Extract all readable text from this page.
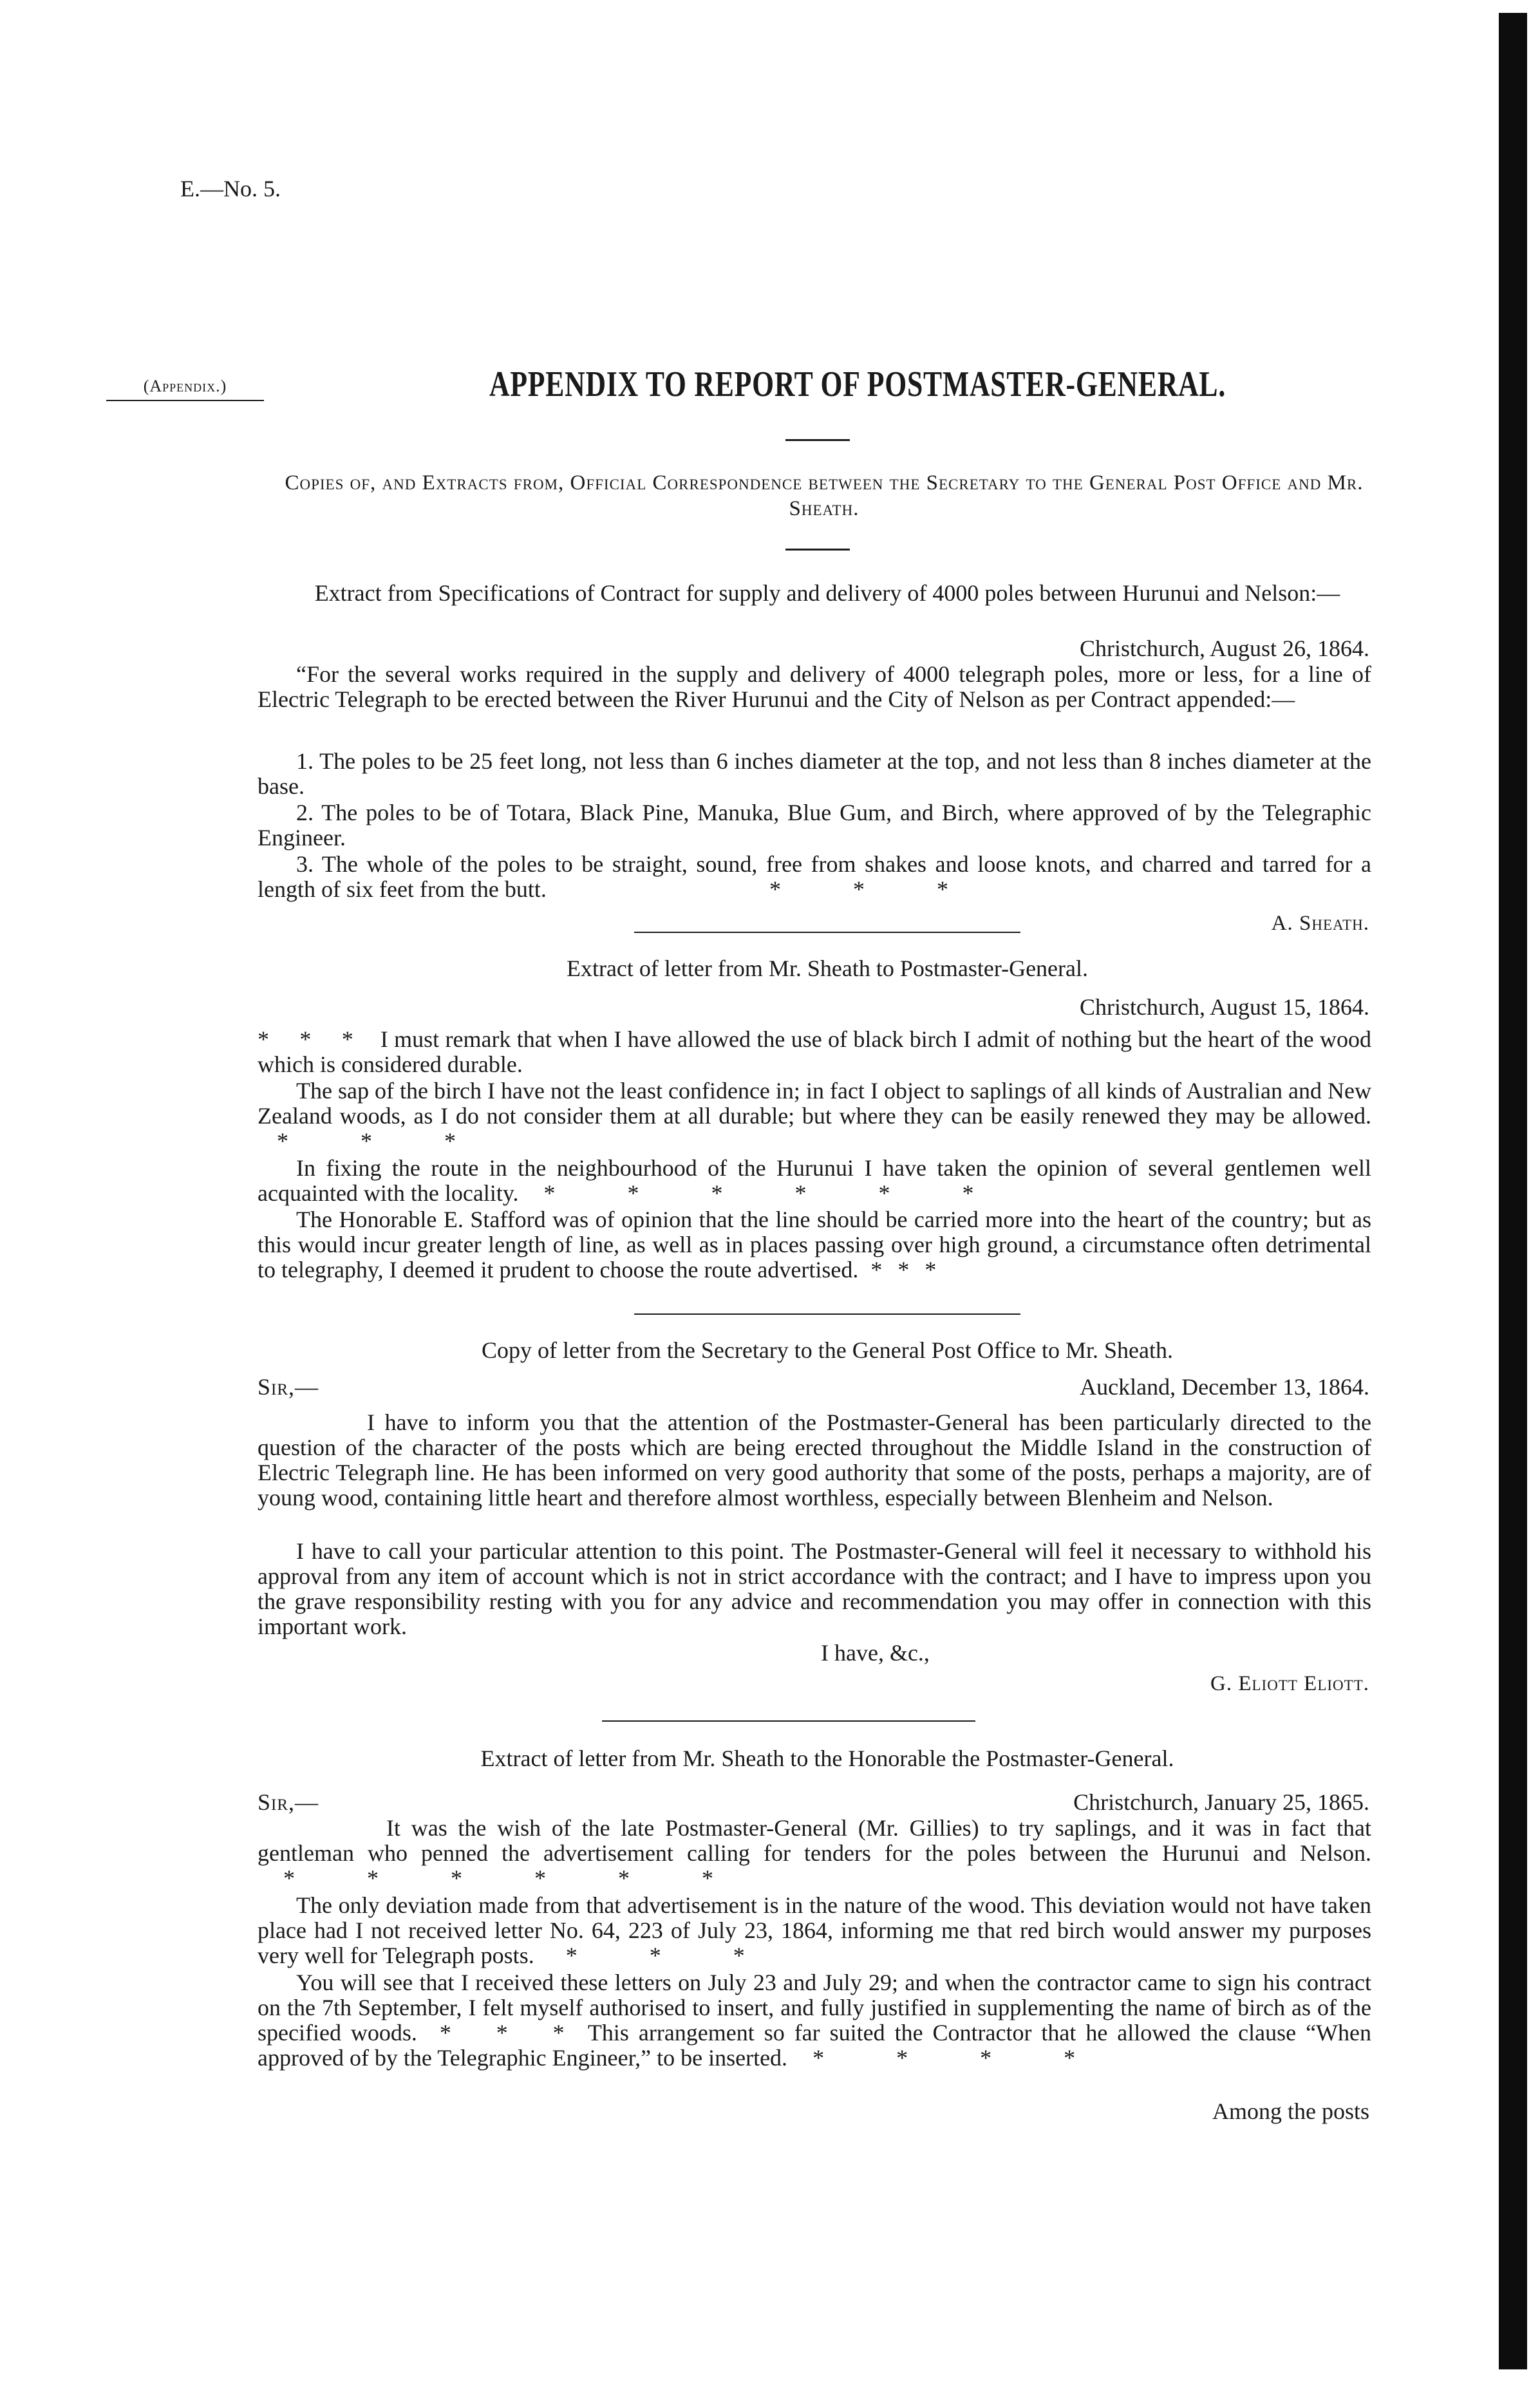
E.—No. 5.
(Appendix.)	APPENDIX TO REPORT OF POSTMASTER-GENERAL.
Copies of, and Extracts from, Official Correspondence between the Secretary to the General Post Office and Mr. Sheath.
Extract from Specifications of Contract for supply and delivery of 4000 poles between Hurunui and Nelson:—
Christchurch, August 26, 1864.
“For the several works required in the supply and delivery of 4000 telegraph poles, more or less, for a line of Electric Telegraph to be erected between the River Hurunui and the City of Nelson as per Contract appended:—
1. The poles to be 25 feet long, not less than 6 inches diameter at the top, and not less than 8 inches diameter at the base.
2. The poles to be of Totara, Black Pine, Manuka, Blue Gum, and Birch, where approved of by the Telegraphic Engineer.
3. The whole of the poles to be straight, sound, free from shakes and loose knots, and charred and tarred for a length of six feet from the butt.	*          *          *
A. Sheath.
Extract of letter from Mr. Sheath to Postmaster-General.
Christchurch, August 15, 1864.
*    *    * I must remark that when I have allowed the use of black birch I admit of nothing but the heart of the wood which is considered durable.
The sap of the birch I have not the least confidence in; in fact I object to saplings of all kinds of Australian and New Zealand woods, as I do not consider them at all durable; but where they can be easily renewed they may be allowed. *          *          *
In fixing the route in the neighbourhood of the Hurunui I have taken the opinion of several gentlemen well acquainted with the locality. *          *          *          *          *          *
The Honorable E. Stafford was of opinion that the line should be carried more into the heart of the country; but as this would incur greater length of line, as well as in places passing over high ground, a circumstance often detrimental to telegraphy, I deemed it prudent to choose the route advertised. *  *  *
Copy of letter from the Secretary to the General Post Office to Mr. Sheath.
Sir,—	Auckland, December 13, 1864.
I have to inform you that the attention of the Postmaster-General has been particularly directed to the question of the character of the posts which are being erected throughout the Middle Island in the construction of Electric Telegraph line. He has been informed on very good authority that some of the posts, perhaps a majority, are of young wood, containing little heart and therefore almost worthless, especially between Blenheim and Nelson.
I have to call your particular attention to this point. The Postmaster-General will feel it necessary to withhold his approval from any item of account which is not in strict accordance with the contract; and I have to impress upon you the grave responsibility resting with you for any advice and recommendation you may offer in connection with this important work.
I have, &c.,
G. Eliott Eliott.
Extract of letter from Mr. Sheath to the Honorable the Postmaster-General.
Sir,—	Christchurch, January 25, 1865.
It was the wish of the late Postmaster-General (Mr. Gillies) to try saplings, and it was in fact that gentleman who penned the advertisement calling for tenders for the poles between the Hurunui and Nelson. *          *          *          *          *          *
The only deviation made from that advertisement is in the nature of the wood. This deviation would not have taken place had I not received letter No. 64, 223 of July 23, 1864, informing me that red birch would answer my purposes very well for Telegraph posts. *          *          *
You will see that I received these letters on July 23 and July 29; and when the contractor came to sign his contract on the 7th September, I felt myself authorised to insert, and fully justified in supplementing the name of birch as of the specified woods. *    *    * This arrangement so far suited the Contractor that he allowed the clause “When approved of by the Telegraphic Engineer,” to be inserted. *          *          *          *
Among the posts
